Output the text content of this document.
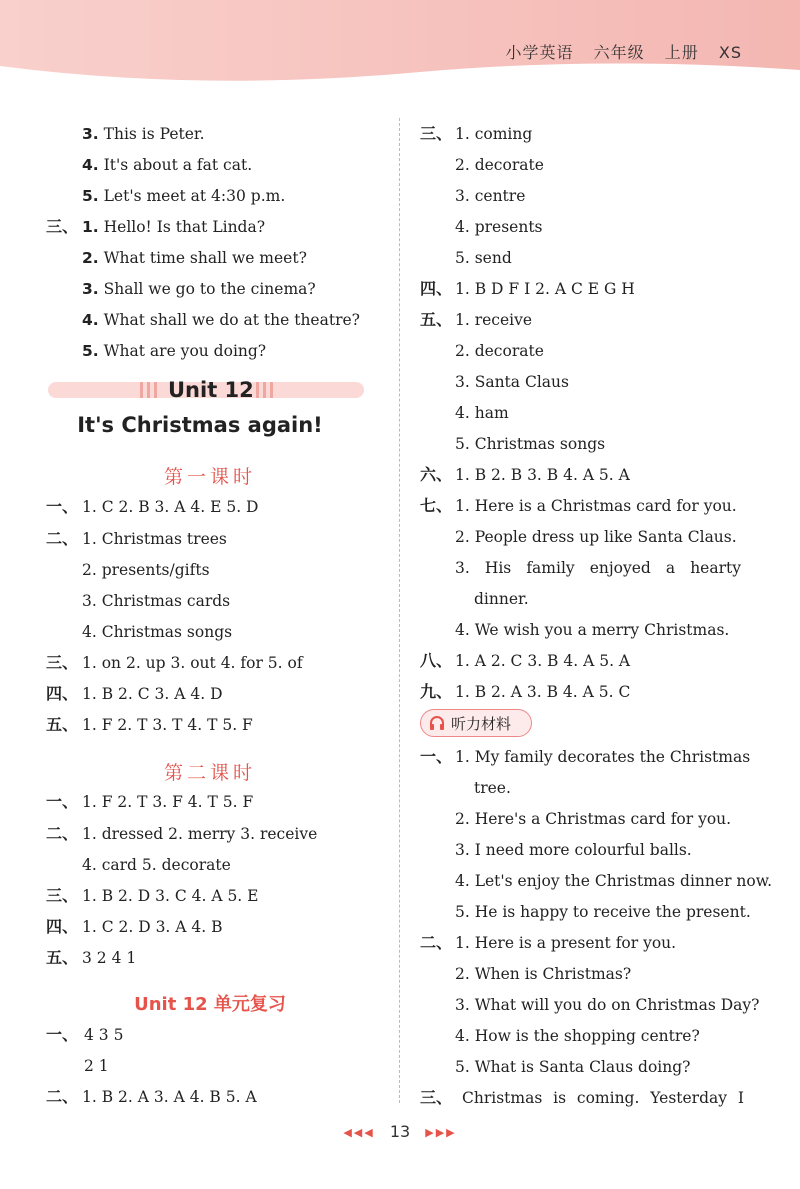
小学英语 六年级 上册 XS
3. This is Peter.
4. It's about a fat cat.
5. Let's meet at 4:30 p.m.
三、 1. Hello! Is that Linda?
2. What time shall we meet?
3. Shall we go to the cinema?
4. What shall we do at the theatre?
5. What are you doing?
Unit 12
It's Christmas again!
第一课时
一、 1. C 2. B 3. A 4. E 5. D
二、 1. Christmas trees
2. presents/gifts
3. Christmas cards
4. Christmas songs
三、 1. on 2. up 3. out 4. for 5. of
四、 1. B 2. C 3. A 4. D
五、 1. F 2. T 3. T 4. T 5. F
第二课时
一、 1. F 2. T 3. F 4. T 5. F
二、 1. dressed 2. merry 3. receive
4. card 5. decorate
三、 1. B 2. D 3. C 4. A 5. E
四、 1. C 2. D 3. A 4. B
五、 3 2 4 1
Unit 12 单元复习
一、 4 3 5
2 1
二、 1. B 2. A 3. A 4. B 5. A
三、 1. coming
2. decorate
3. centre
4. presents
5. send
四、 1. B D F I 2. A C E G H
五、 1. receive
2. decorate
3. Santa Claus
4. ham
5. Christmas songs
六、 1. B 2. B 3. B 4. A 5. A
七、 1. Here is a Christmas card for you.
2. People dress up like Santa Claus.
3. His family enjoyed a hearty
dinner.
4. We wish you a merry Christmas.
八、 1. A 2. C 3. B 4. A 5. A
九、 1. B 2. A 3. B 4. A 5. C
听力材料
一、 1. My family decorates the Christmas
tree.
2. Here's a Christmas card for you.
3. I need more colourful balls.
4. Let's enjoy the Christmas dinner now.
5. He is happy to receive the present.
二、 1. Here is a present for you.
2. When is Christmas?
3. What will you do on Christmas Day?
4. How is the shopping centre?
5. What is Santa Claus doing?
三、 Christmas is coming. Yesterday I
◀◀◀ 13 ▶▶▶
